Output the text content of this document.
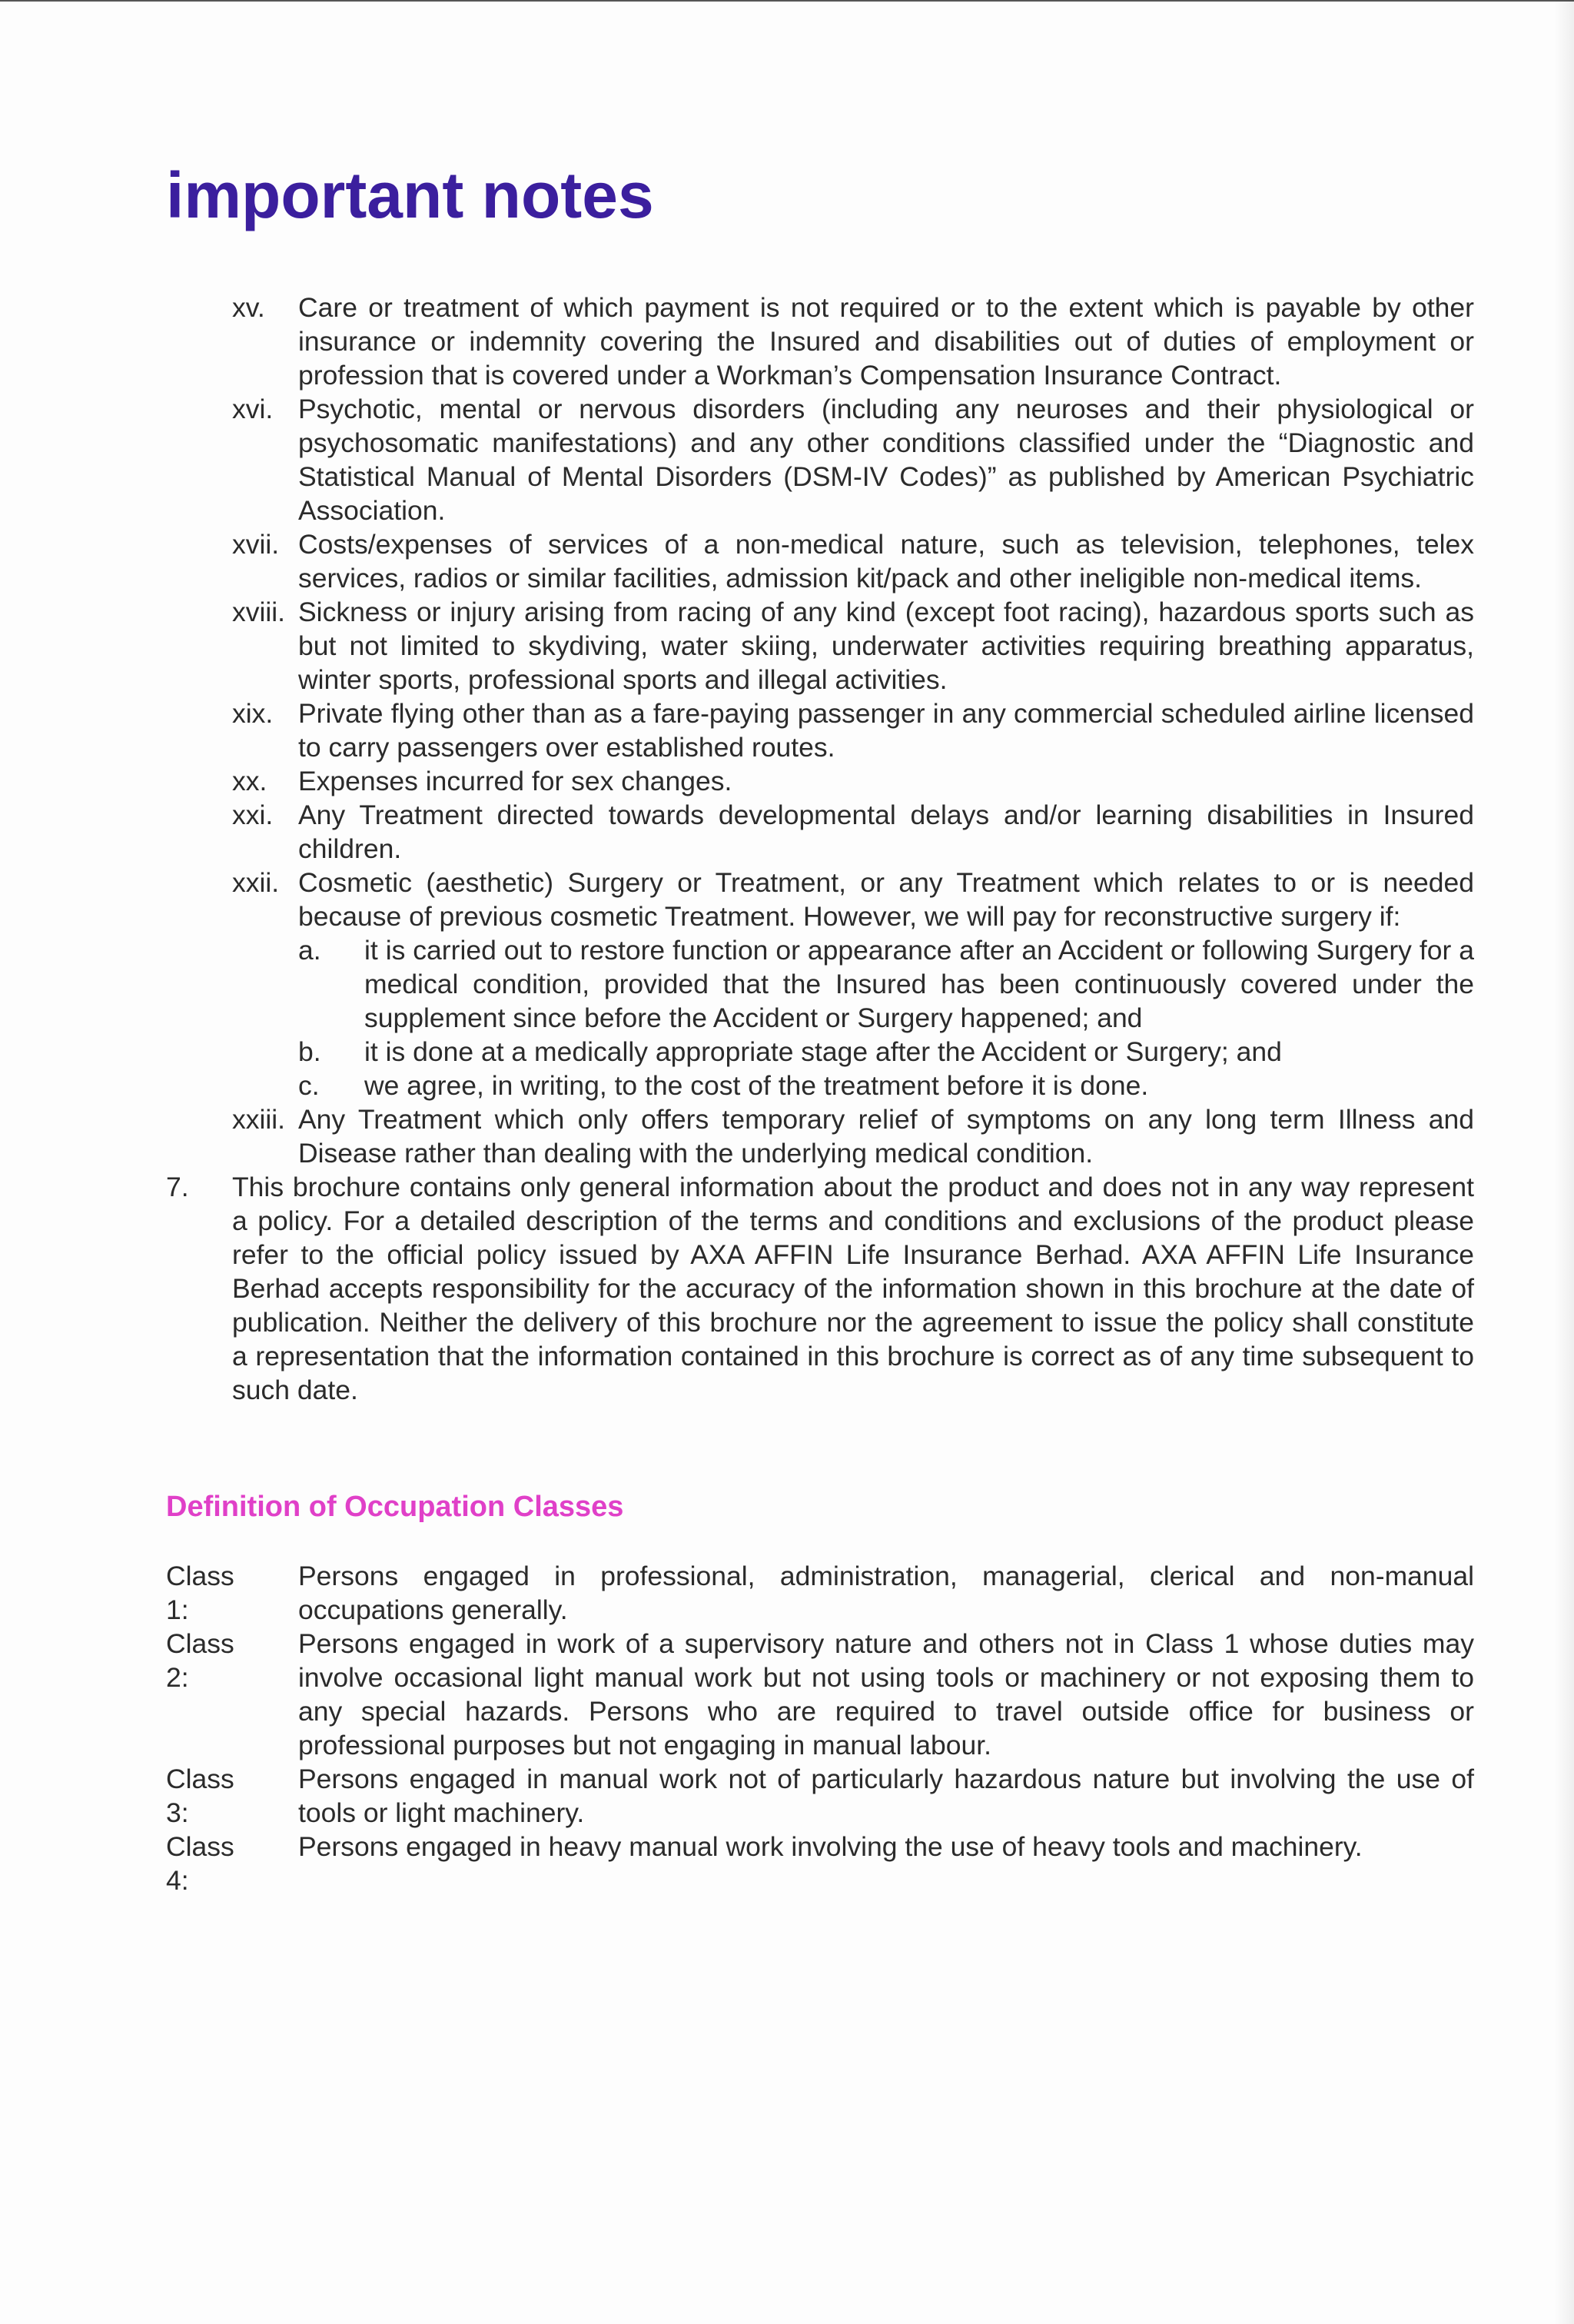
important notes
xv. Care or treatment of which payment is not required or to the extent which is payable by other insurance or indemnity covering the Insured and disabilities out of duties of employment or profession that is covered under a Workman’s Compensation Insurance Contract.
xvi. Psychotic, mental or nervous disorders (including any neuroses and their physiological or psychosomatic manifestations) and any other conditions classified under the “Diagnostic and Statistical Manual of Mental Disorders (DSM-IV Codes)” as published by American Psychiatric Association.
xvii. Costs/expenses of services of a non-medical nature, such as television, telephones, telex services, radios or similar facilities, admission kit/pack and other ineligible non-medical items.
xviii. Sickness or injury arising from racing of any kind (except foot racing), hazardous sports such as but not limited to skydiving, water skiing, underwater activities requiring breathing apparatus, winter sports, professional sports and illegal activities.
xix. Private flying other than as a fare-paying passenger in any commercial scheduled airline licensed to carry passengers over established routes.
xx. Expenses incurred for sex changes.
xxi. Any Treatment directed towards developmental delays and/or learning disabilities in Insured children.
xxii. Cosmetic (aesthetic) Surgery or Treatment, or any Treatment which relates to or is needed because of previous cosmetic Treatment. However, we will pay for reconstructive surgery if:
a. it is carried out to restore function or appearance after an Accident or following Surgery for a medical condition, provided that the Insured has been continuously covered under the supplement since before the Accident or Surgery happened; and
b. it is done at a medically appropriate stage after the Accident or Surgery; and
c. we agree, in writing, to the cost of the treatment before it is done.
xxiii. Any Treatment which only offers temporary relief of symptoms on any long term Illness and Disease rather than dealing with the underlying medical condition.
7. This brochure contains only general information about the product and does not in any way represent a policy. For a detailed description of the terms and conditions and exclusions of the product please refer to the official policy issued by AXA AFFIN Life Insurance Berhad. AXA AFFIN Life Insurance Berhad accepts responsibility for the accuracy of the information shown in this brochure at the date of publication. Neither the delivery of this brochure nor the agreement to issue the policy shall constitute a representation that the information contained in this brochure is correct as of any time subsequent to such date.
Definition of Occupation Classes
Class 1:
Persons engaged in professional, administration, managerial, clerical and non-manual occupations generally.
Class 2:
Persons engaged in work of a supervisory nature and others not in Class 1 whose duties may involve occasional light manual work but not using tools or machinery or not exposing them to any special hazards. Persons who are required to travel outside office for business or professional purposes but not engaging in manual labour.
Class 3:
Persons engaged in manual work not of particularly hazardous nature but involving the use of tools or light machinery.
Class 4:
Persons engaged in heavy manual work involving the use of heavy tools and machinery.
